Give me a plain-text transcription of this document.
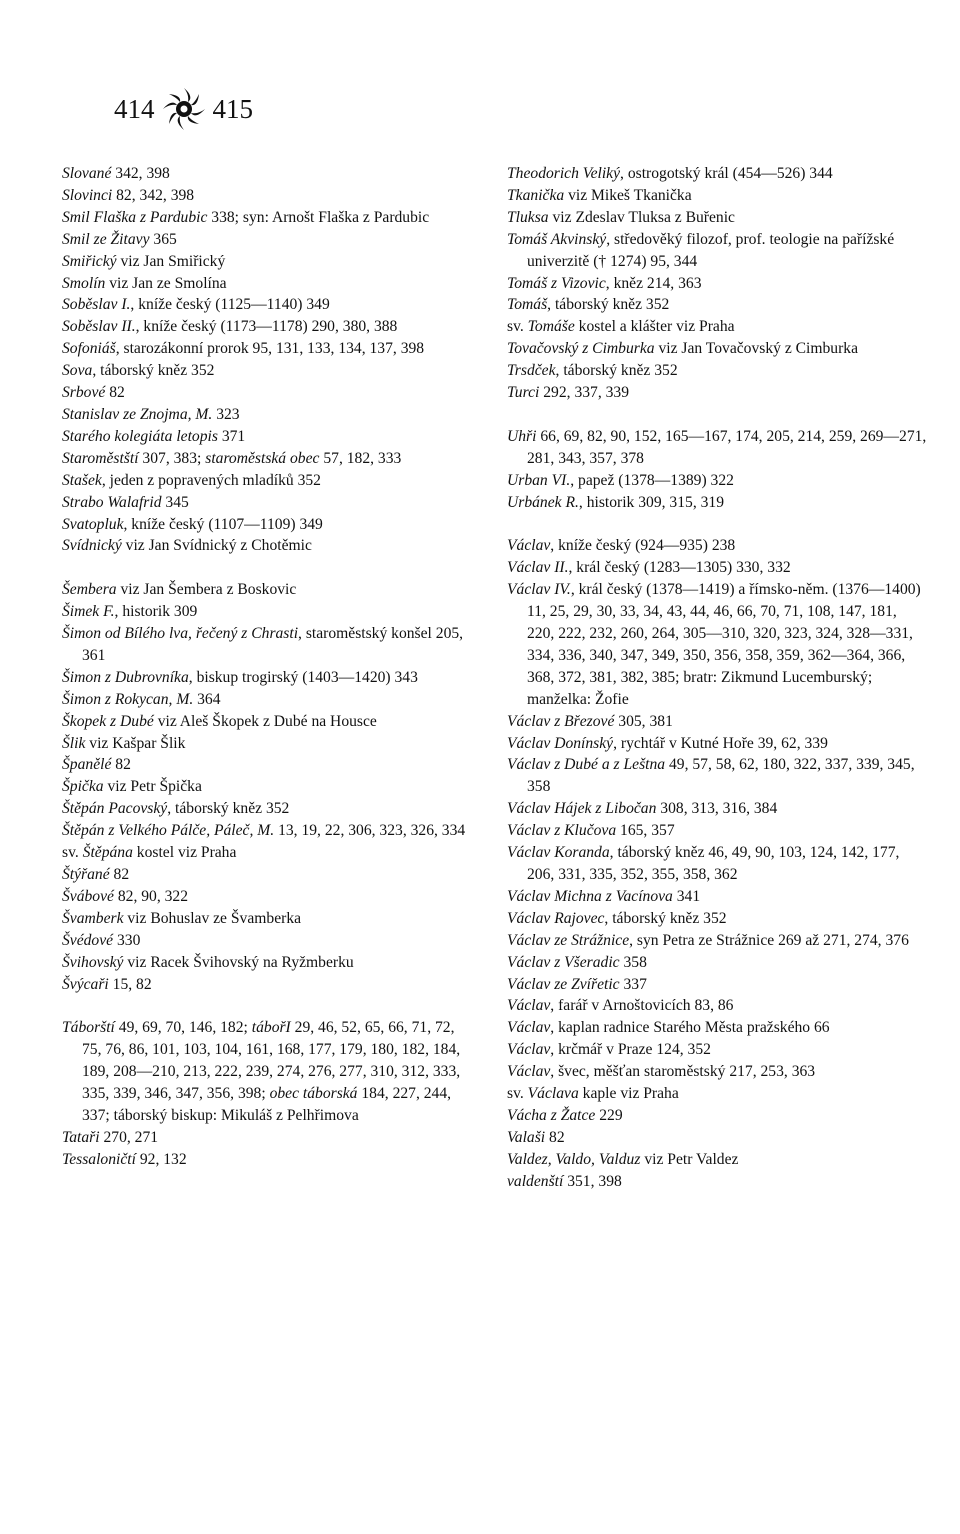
414 415
Slované 342, 398
Slovinci 82, 342, 398
Smil Flaška z Pardubic 338; syn: Arnošt Flaška z Pardubic
Smil ze Žitavy 365
Smiřický viz Jan Smiřický
Smolín viz Jan ze Smolína
Soběslav I., kníže český (1125—1140) 349
Soběslav II., kníže český (1173—1178) 290, 380, 388
Sofoniáš, starozákonní prorok 95, 131, 133, 134, 137, 398
Sova, táborský kněz 352
Srbové 82
Stanislav ze Znojma, M. 323
Starého kolegiáta letopis 371
Staroměstští 307, 383; staroměstská obec 57, 182, 333
Stašek, jeden z popravených mladíků 352
Strabo Walafrid 345
Svatopluk, kníže český (1107—1109) 349
Svídnický viz Jan Svídnický z Chotěmic
Šembera viz Jan Šembera z Boskovic
Šimek F., historik 309
Šimon od Bílého lva, řečený z Chrasti, staroměstský konšel 205, 361
Šimon z Dubrovníka, biskup trogirský (1403—1420) 343
Šimon z Rokycan, M. 364
Škopek z Dubé viz Aleš Škopek z Dubé na Housce
Šlik viz Kašpar Šlik
Španělé 82
Špička viz Petr Špička
Štěpán Pacovský, táborský kněz 352
Štěpán z Velkého Pálče, Páleč, M. 13, 19, 22, 306, 323, 326, 334
sv. Štěpána kostel viz Praha
Štýřané 82
Švábové 82, 90, 322
Švamberk viz Bohuslav ze Švamberka
Švédové 330
Švihovský viz Racek Švihovský na Ryžmberku
Švýcaři 15, 82
Táborští 49, 69, 70, 146, 182; tábořI 29, 46, 52, 65, 66, 71, 72, 75, 76, 86, 101, 103, 104, 161, 168, 177, 179, 180, 182, 184, 189, 208—210, 213, 222, 239, 274, 276, 277, 310, 312, 333, 335, 339, 346, 347, 356, 398; obec táborská 184, 227, 244, 337; táborský biskup: Mikuláš z Pelhřimova
Tataři 270, 271
Tessaloničtí 92, 132
Theodorich Veliký, ostrogotský král (454—526) 344
Tkanička viz Mikeš Tkanička
Tluksa viz Zdeslav Tluksa z Buřenic
Tomáš Akvinský, středověký filozof, prof. teologie na pařížské univerzitě († 1274) 95, 344
Tomáš z Vizovic, kněz 214, 363
Tomáš, táborský kněz 352
sv. Tomáše kostel a klášter viz Praha
Tovačovský z Cimburka viz Jan Tovačovský z Cimburka
Trsdček, táborský kněz 352
Turci 292, 337, 339
Uhři 66, 69, 82, 90, 152, 165—167, 174, 205, 214, 259, 269—271, 281, 343, 357, 378
Urban VI., papež (1378—1389) 322
Urbánek R., historik 309, 315, 319
Václav, kníže český (924—935) 238
Václav II., král český (1283—1305) 330, 332
Václav IV., král český (1378—1419) a římsko-něm. (1376—1400) 11, 25, 29, 30, 33, 34, 43, 44, 46, 66, 70, 71, 108, 147, 181, 220, 222, 232, 260, 264, 305—310, 320, 323, 324, 328—331, 334, 336, 340, 347, 349, 350, 356, 358, 359, 362—364, 366, 368, 372, 381, 382, 385; bratr: Zikmund Lucemburský; manželka: Žofie
Václav z Březové 305, 381
Václav Donínský, rychtář v Kutné Hoře 39, 62, 339
Václav z Dubé a z Leštna 49, 57, 58, 62, 180, 322, 337, 339, 345, 358
Václav Hájek z Libočan 308, 313, 316, 384
Václav z Klučova 165, 357
Václav Koranda, táborský kněz 46, 49, 90, 103, 124, 142, 177, 206, 331, 335, 352, 355, 358, 362
Václav Michna z Vacínova 341
Václav Rajovec, táborský kněz 352
Václav ze Strážnice, syn Petra ze Strážnice 269 až 271, 274, 376
Václav z Všeradic 358
Václav ze Zvířetic 337
Václav, farář v Arnoštovicích 83, 86
Václav, kaplan radnice Starého Města pražského 66
Václav, krčmář v Praze 124, 352
Václav, švec, měšťan staroměstský 217, 253, 363
sv. Václava kaple viz Praha
Vácha z Žatce 229
Valaši 82
Valdez, Valdo, Valduz viz Petr Valdez
valdenští 351, 398
